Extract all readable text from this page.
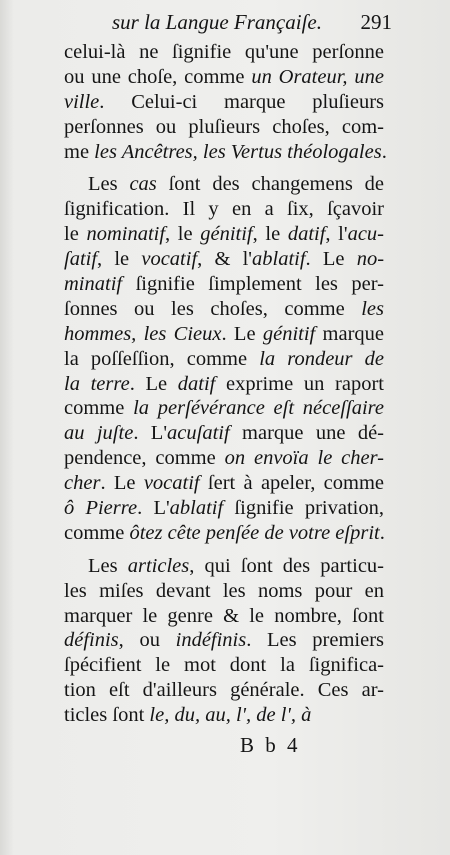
sur la Langue Françaiſe. 291
celui-là ne ſignifie qu'une perſonne
ou une choſe, comme un Orateur, une
ville. Celui-ci marque pluſieurs
perſonnes ou pluſieurs choſes, com-
me les Ancêtres, les Vertus théologales.
Les cas ſont des changemens de
ſignification. Il y en a ſix, ſçavoir
le nominatif, le génitif, le datif, l'acu-
ſatif, le vocatif, & l'ablatif. Le no-
minatif ſignifie ſimplement les per-
ſonnes ou les choſes, comme les
hommes, les Cieux. Le génitif marque
la poſſeſſion, comme la rondeur de
la terre. Le datif exprime un raport
comme la perſévérance eſt néceſſaire
au juſte. L'acuſatif marque une dé-
pendence, comme on envoïa le cher-
cher. Le vocatif ſert à apeler, comme
ô Pierre. L'ablatif ſignifie privation,
comme ôtez cête penſée de votre eſprit.
Les articles, qui ſont des particu-
les miſes devant les noms pour en
marquer le genre & le nombre, ſont
définis, ou indéfinis. Les premiers
ſpécifient le mot dont la ſignifica-
tion eſt d'ailleurs générale. Ces ar-
ticles ſont le, du, au, l', de l', à
B b 4
